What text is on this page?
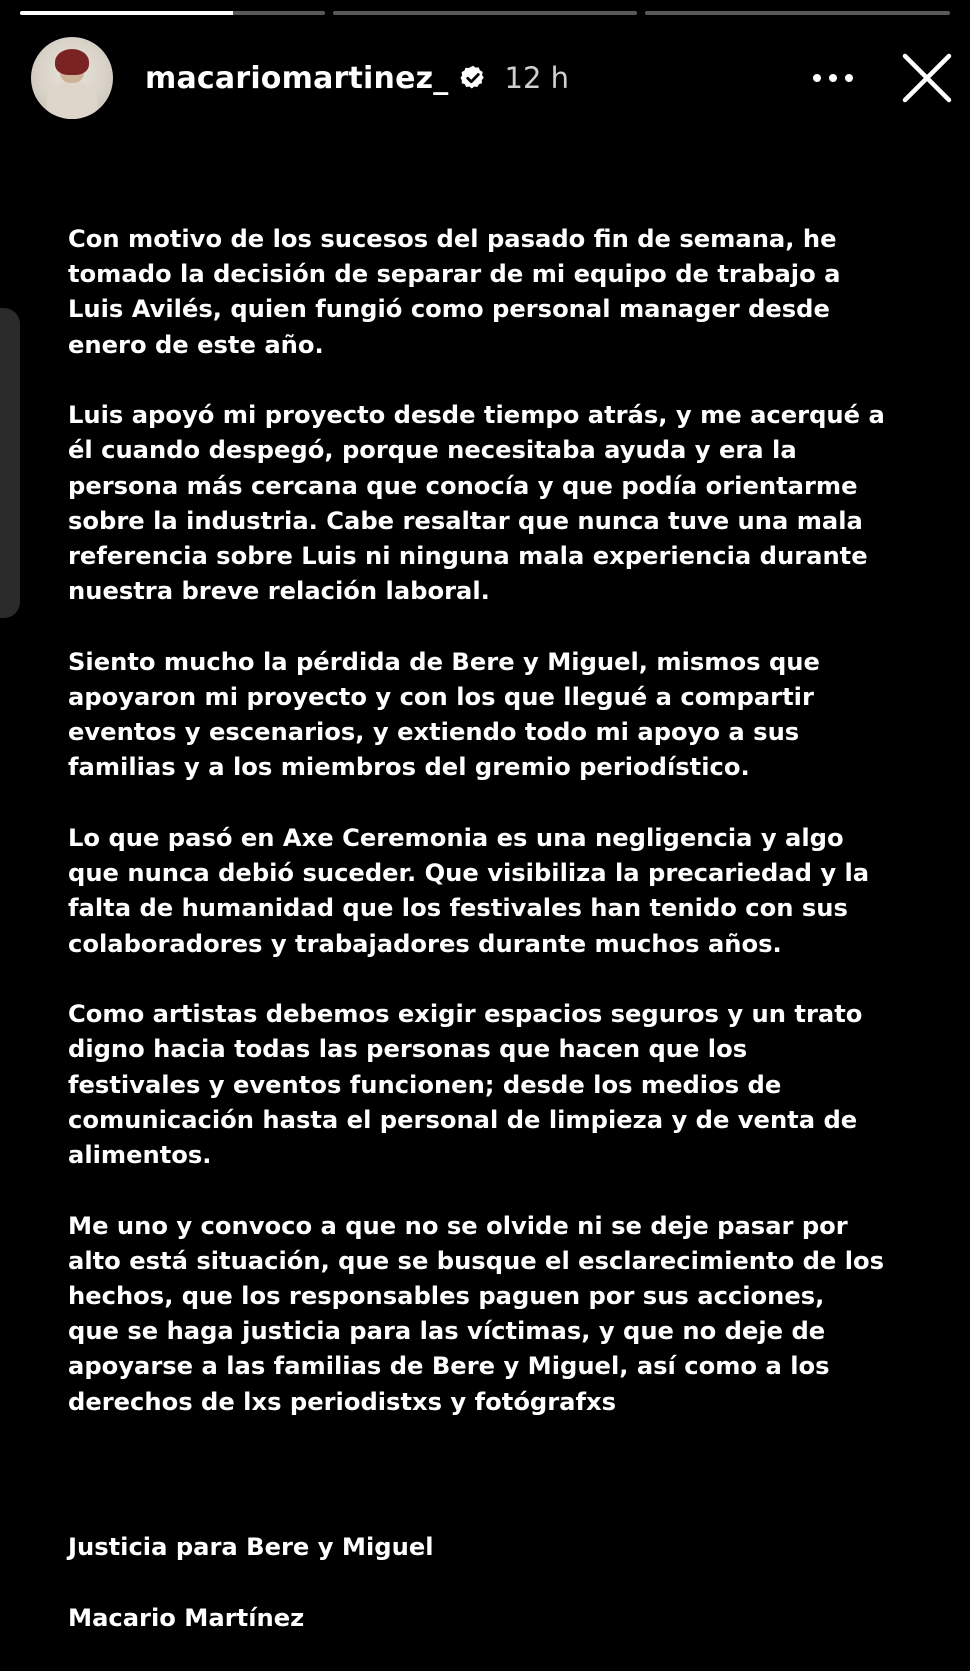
macariomartinez_ 12 h

Con motivo de los sucesos del pasado fin de semana, he
tomado la decisión de separar de mi equipo de trabajo a
Luis Avilés, quien fungió como personal manager desde
enero de este año.

Luis apoyó mi proyecto desde tiempo atrás, y me acerqué a
él cuando despegó, porque necesitaba ayuda y era la
persona más cercana que conocía y que podía orientarme
sobre la industria. Cabe resaltar que nunca tuve una mala
referencia sobre Luis ni ninguna mala experiencia durante
nuestra breve relación laboral.

Siento mucho la pérdida de Bere y Miguel, mismos que
apoyaron mi proyecto y con los que llegué a compartir
eventos y escenarios, y extiendo todo mi apoyo a sus
familias y a los miembros del gremio periodístico.

Lo que pasó en Axe Ceremonia es una negligencia y algo
que nunca debió suceder. Que visibiliza la precariedad y la
falta de humanidad que los festivales han tenido con sus
colaboradores y trabajadores durante muchos años.

Como artistas debemos exigir espacios seguros y un trato
digno hacia todas las personas que hacen que los
festivales y eventos funcionen; desde los medios de
comunicación hasta el personal de limpieza y de venta de
alimentos.

Me uno y convoco a que no se olvide ni se deje pasar por
alto está situación, que se busque el esclarecimiento de los
hechos, que los responsables paguen por sus acciones,
que se haga justicia para las víctimas, y que no deje de
apoyarse a las familias de Bere y Miguel, así como a los
derechos de lxs periodistxs y fotógrafxs

Justicia para Bere y Miguel

Macario Martínez
